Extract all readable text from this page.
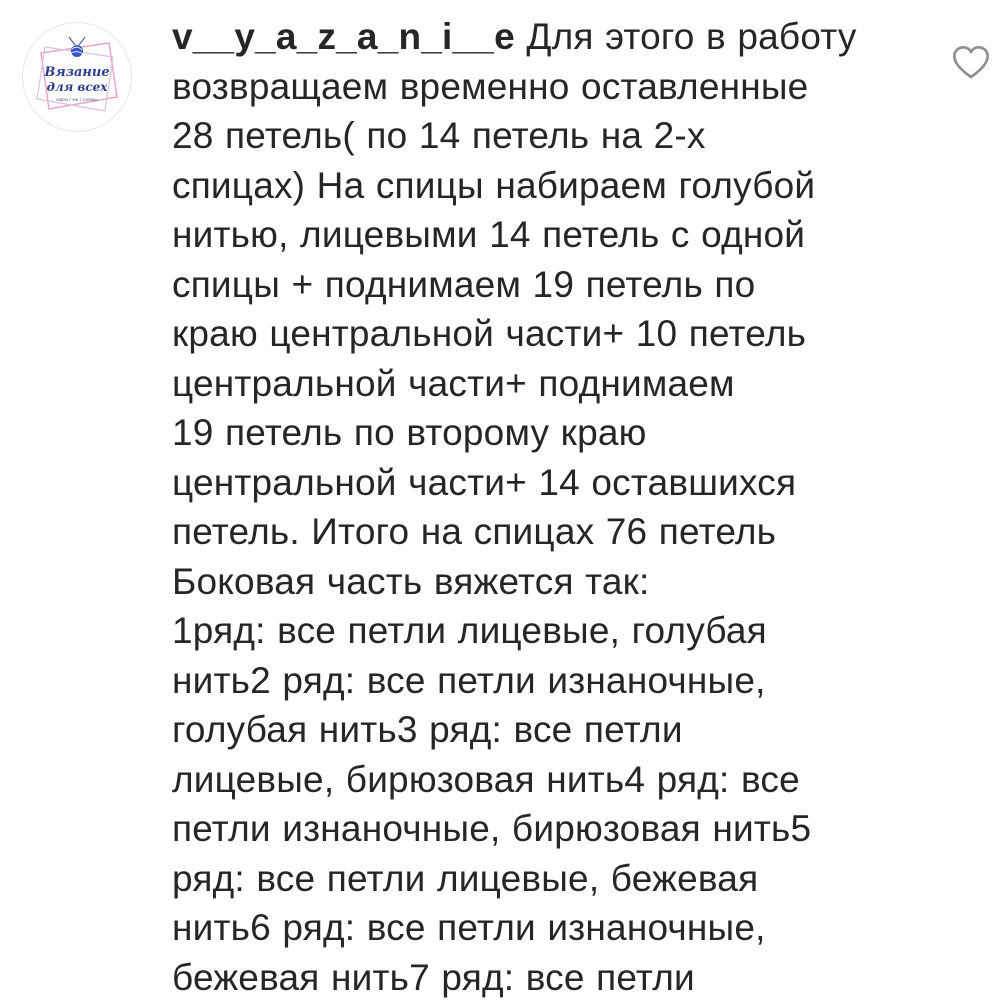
Вязание
для всех
идеи / мк / схемы
v__y_a_z_a_n_i__e Для этого в работу
возвращаем временно оставленные
28 петель( по 14 петель на 2-х
спицах) На спицы набираем голубой
нитью, лицевыми 14 петель с одной
спицы + поднимаем 19 петель по
краю центральной части+ 10 петель
центральной части+ поднимаем
19 петель по второму краю
центральной части+ 14 оставшихся
петель. Итого на спицах 76 петель
Боковая часть вяжется так:
1ряд: все петли лицевые, голубая
нить2 ряд: все петли изнаночные,
голубая нить3 ряд: все петли
лицевые, бирюзовая нить4 ряд: все
петли изнаночные, бирюзовая нить5
ряд: все петли лицевые, бежевая
нить6 ряд: все петли изнаночные,
бежевая нить7 ряд: все петли
